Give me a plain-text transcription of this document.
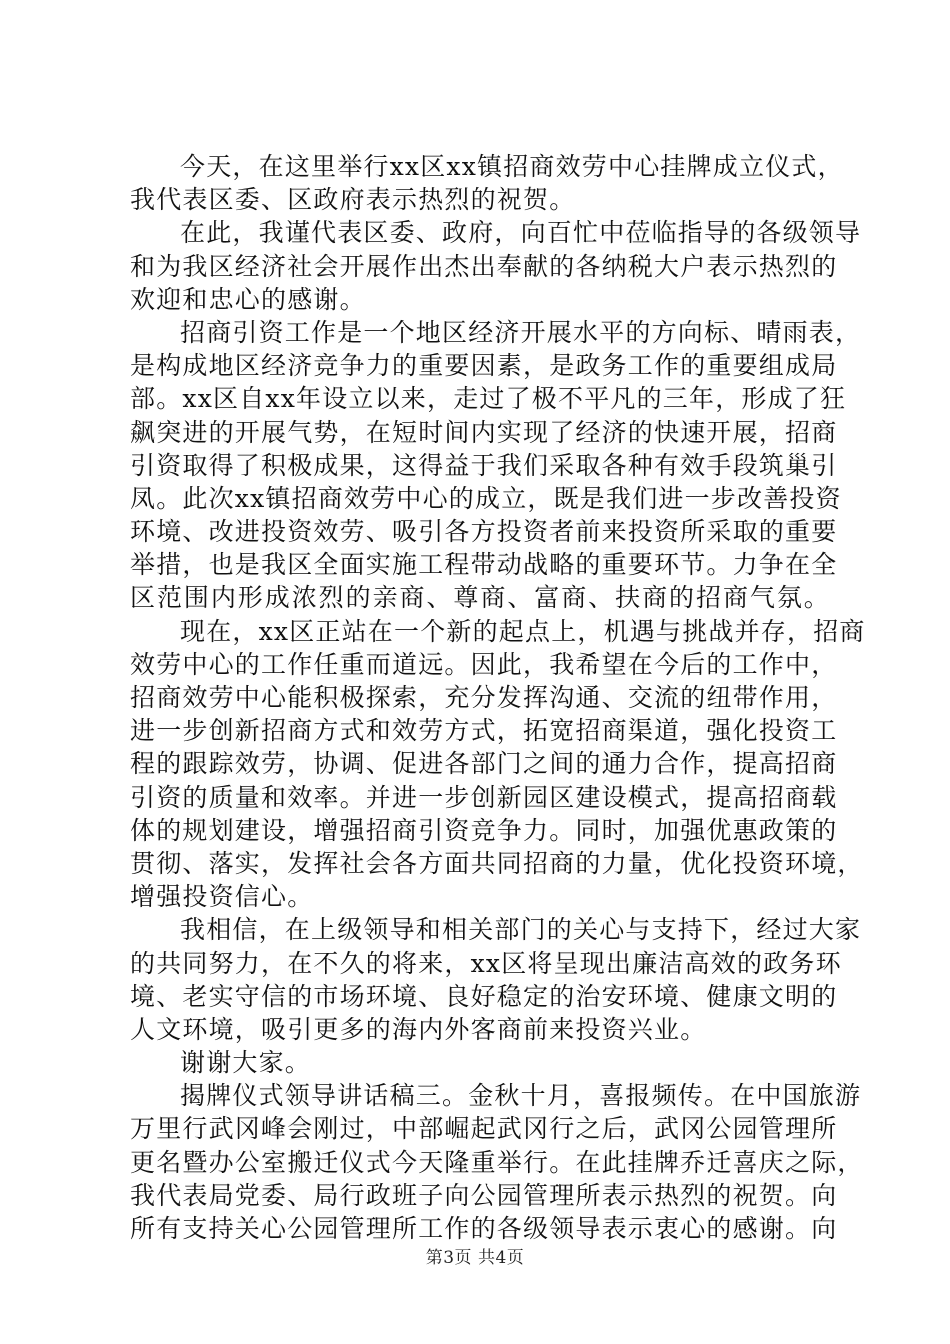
今天，在这里举行xx区xx镇招商效劳中心挂牌成立仪式，
我代表区委、区政府表示热烈的祝贺。
在此，我谨代表区委、政府，向百忙中莅临指导的各级领导
和为我区经济社会开展作出杰出奉献的各纳税大户表示热烈的
欢迎和忠心的感谢。
招商引资工作是一个地区经济开展水平的方向标、晴雨表，
是构成地区经济竞争力的重要因素，是政务工作的重要组成局
部。xx区自xx年设立以来，走过了极不平凡的三年，形成了狂
飙突进的开展气势，在短时间内实现了经济的快速开展，招商
引资取得了积极成果，这得益于我们采取各种有效手段筑巢引
凤。此次xx镇招商效劳中心的成立，既是我们进一步改善投资
环境、改进投资效劳、吸引各方投资者前来投资所采取的重要
举措，也是我区全面实施工程带动战略的重要环节。力争在全
区范围内形成浓烈的亲商、尊商、富商、扶商的招商气氛。
现在，xx区正站在一个新的起点上，机遇与挑战并存，招商
效劳中心的工作任重而道远。因此，我希望在今后的工作中，
招商效劳中心能积极探索，充分发挥沟通、交流的纽带作用，
进一步创新招商方式和效劳方式，拓宽招商渠道，强化投资工
程的跟踪效劳，协调、促进各部门之间的通力合作，提高招商
引资的质量和效率。并进一步创新园区建设模式，提高招商载
体的规划建设，增强招商引资竞争力。同时，加强优惠政策的
贯彻、落实，发挥社会各方面共同招商的力量，优化投资环境，
增强投资信心。
我相信，在上级领导和相关部门的关心与支持下，经过大家
的共同努力，在不久的将来，xx区将呈现出廉洁高效的政务环
境、老实守信的市场环境、良好稳定的治安环境、健康文明的
人文环境，吸引更多的海内外客商前来投资兴业。
谢谢大家。
揭牌仪式领导讲话稿三。金秋十月，喜报频传。在中国旅游
万里行武冈峰会刚过，中部崛起武冈行之后，武冈公园管理所
更名暨办公室搬迁仪式今天隆重举行。在此挂牌乔迁喜庆之际，
我代表局党委、局行政班子向公园管理所表示热烈的祝贺。向
所有支持关心公园管理所工作的各级领导表示衷心的感谢。向
第3页 共4页
